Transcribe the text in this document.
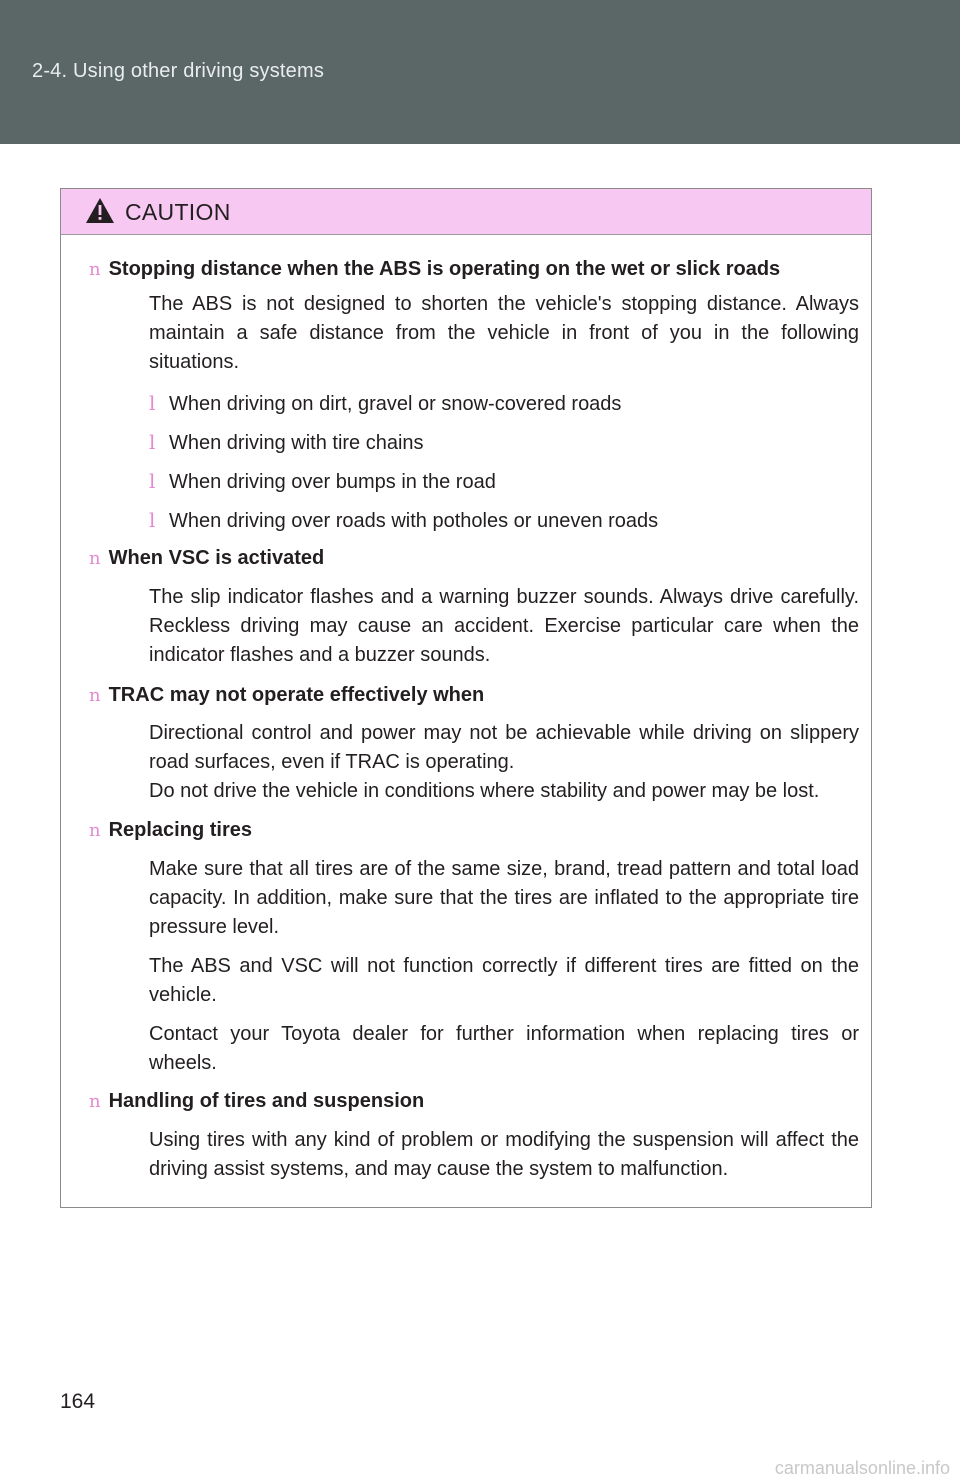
2-4. Using other driving systems
CAUTION
n Stopping distance when the ABS is operating on the wet or slick roads
The ABS is not designed to shorten the vehicle's stopping distance. Always maintain a safe distance from the vehicle in front of you in the following situations.
l When driving on dirt, gravel or snow-covered roads
l When driving with tire chains
l When driving over bumps in the road
l When driving over roads with potholes or uneven roads
n When VSC is activated
The slip indicator flashes and a warning buzzer sounds. Always drive carefully. Reckless driving may cause an accident. Exercise particular care when the indicator flashes and a buzzer sounds.
n TRAC may not operate effectively when
Directional control and power may not be achievable while driving on slippery road surfaces, even if TRAC is operating.
Do not drive the vehicle in conditions where stability and power may be lost.
n Replacing tires
Make sure that all tires are of the same size, brand, tread pattern and total load capacity. In addition, make sure that the tires are inflated to the appropriate tire pressure level.
The ABS and VSC will not function correctly if different tires are fitted on the vehicle.
Contact your Toyota dealer for further information when replacing tires or wheels.
n Handling of tires and suspension
Using tires with any kind of problem or modifying the suspension will affect the driving assist systems, and may cause the system to malfunction.
164
carmanualsonline.info
